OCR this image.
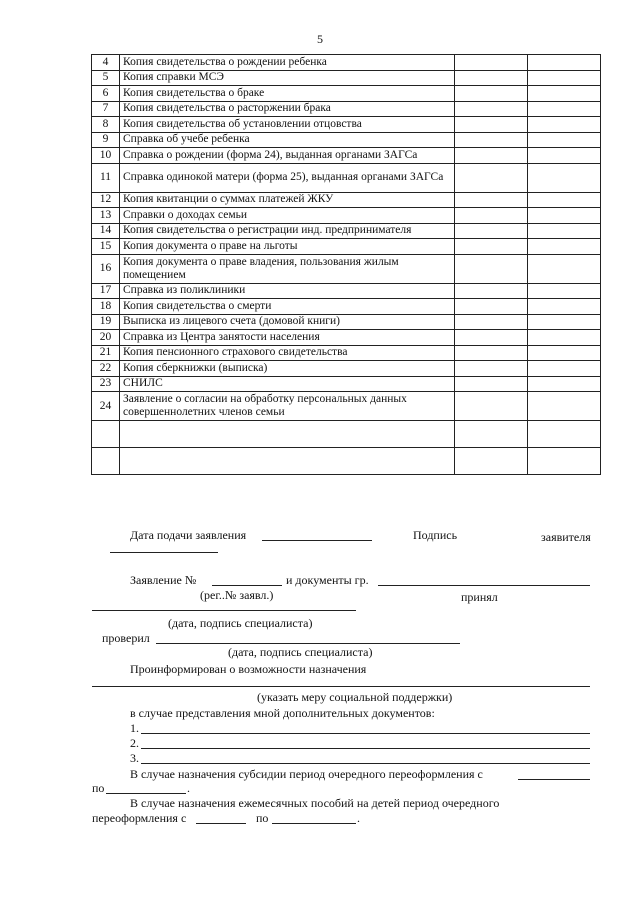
5
4	Копия свидетельства о рождении ребенка		
5	Копия справки МСЭ		
6	Копия свидетельства о браке		
7	Копия свидетельства о расторжении брака		
8	Копия свидетельства об установлении отцовства		
9	Справка об учебе ребенка		
10	Справка о рождении (форма 24), выданная органами ЗАГСа		
11	Справка одинокой матери (форма 25), выданная органами ЗАГСа		
12	Копия квитанции о суммах платежей ЖКУ		
13	Справки о доходах семьи		
14	Копия свидетельства о регистрации инд. предпринимателя		
15	Копия документа о праве на льготы		
16	Копия документа о праве владения, пользования жилым помещением		
17	Справка из поликлиники		
18	Копия свидетельства о смерти		
19	Выписка из лицевого счета (домовой книги)		
20	Справка из Центра занятости населения		
21	Копия пенсионного страхового свидетельства		
22	Копия сберкнижки (выписка)		
23	СНИЛС		
24	Заявление о согласии на обработку персональных данных совершеннолетних членов семьи		

Дата подачи заявления	Подпись	заявителя
Заявление №	и документы гр.
(рег..№ заявл.)	принял
(дата, подпись специалиста)
проверил
(дата, подпись специалиста)
Проинформирован о возможности назначения
(указать меру социальной поддержки)
в случае представления мной дополнительных документов:
1.
2.
3.
В случае назначения субсидии период очередного переоформления с
по	.
В случае назначения ежемесячных пособий на детей период очередного
переоформления с	по	.
